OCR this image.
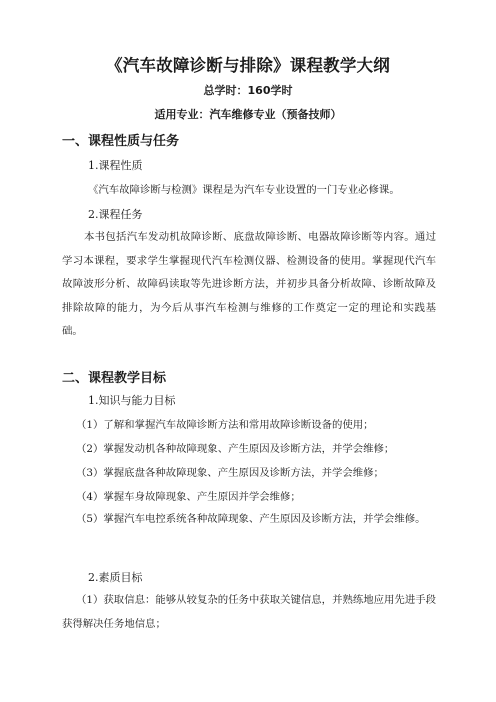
《汽车故障诊断与排除》课程教学大纲
总学时：160学时
适用专业：汽车维修专业（预备技师）
一、课程性质与任务
1.课程性质
《汽车故障诊断与检测》课程是为汽车专业设置的一门专业必修课。
2.课程任务

本书包括汽车发动机故障诊断、底盘故障诊断、电器故障诊断等内容。通过学习本课程，要求学生掌握现代汽车检测仪器、检测设备的使用。掌握现代汽车故障波形分析、故障码读取等先进诊断方法，并初步具备分析故障、诊断故障及排除故障的能力，为今后从事汽车检测与维修的工作奠定一定的理论和实践基础。

二、课程教学目标
1.知识与能力目标
（1）了解和掌握汽车故障诊断方法和常用故障诊断设备的使用；
（2）掌握发动机各种故障现象、产生原因及诊断方法，并学会维修；
（3）掌握底盘各种故障现象、产生原因及诊断方法，并学会维修；
（4）掌握车身故障现象、产生原因并学会维修；

（5）掌握汽车电控系统各种故障现象、产生原因及诊断方法，并学会维修。

2.素质目标

（1）获取信息：能够从较复杂的任务中获取关键信息，并熟练地应用先进手段获得解决任务地信息；
